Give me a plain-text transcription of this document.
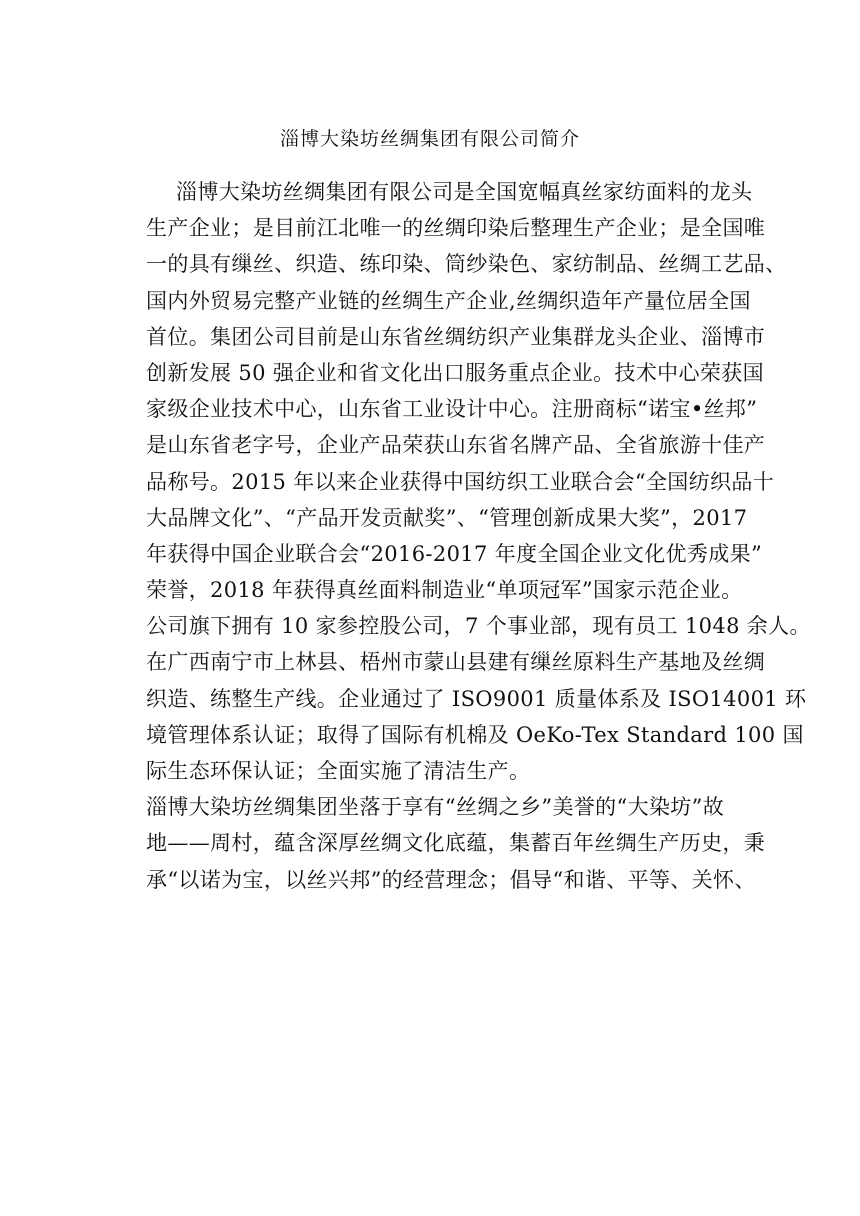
淄博大染坊丝绸集团有限公司简介
淄博大染坊丝绸集团有限公司是全国宽幅真丝家纺面料的龙头
生产企业；是目前江北唯一的丝绸印染后整理生产企业；是全国唯
一的具有缫丝、织造、练印染、筒纱染色、家纺制品、丝绸工艺品、
国内外贸易完整产业链的丝绸生产企业,丝绸织造年产量位居全国
首位。集团公司目前是山东省丝绸纺织产业集群龙头企业、淄博市
创新发展 50 强企业和省文化出口服务重点企业。技术中心荣获国
家级企业技术中心，山东省工业设计中心。注册商标“诺宝•丝邦”
是山东省老字号，企业产品荣获山东省名牌产品、全省旅游十佳产
品称号。2015 年以来企业获得中国纺织工业联合会“全国纺织品十
大品牌文化”、“产品开发贡献奖”、“管理创新成果大奖”，2017
年获得中国企业联合会“2016-2017 年度全国企业文化优秀成果”
荣誉，2018 年获得真丝面料制造业“单项冠军”国家示范企业。
公司旗下拥有 10 家参控股公司，7 个事业部，现有员工 1048 余人。
在广西南宁市上林县、梧州市蒙山县建有缫丝原料生产基地及丝绸
织造、练整生产线。企业通过了 ISO9001 质量体系及 ISO14001 环
境管理体系认证；取得了国际有机棉及 OeKo-Tex Standard 100 国
际生态环保认证；全面实施了清洁生产。
淄博大染坊丝绸集团坐落于享有“丝绸之乡”美誉的“大染坊”故
地——周村，蕴含深厚丝绸文化底蕴，集蓄百年丝绸生产历史，秉
承“以诺为宝，以丝兴邦”的经营理念；倡导“和谐、平等、关怀、
